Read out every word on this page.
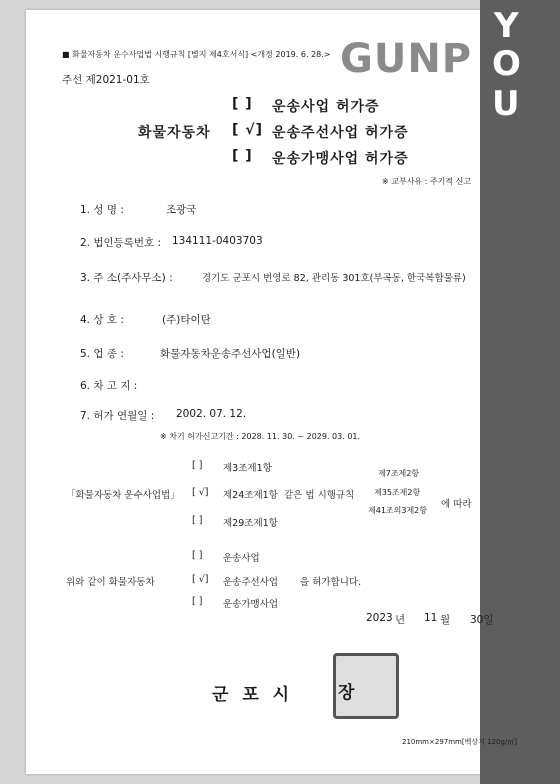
GUNP
Y
O
U
■ 화물자동차 운수사업법 시행규칙 [별지 제4호서식] <개정 2019. 6. 28.>
주선 제2021-01호
화물자동차
[ ] 운송사업 허가증
[ √] 운송주선사업 허가증
[ ] 운송가맹사업 허가증
※ 교부사유 : 주기적 신고
1. 성 명 :	조광국
2. 법인등록번호 : 134111-0403703
3. 주 소(주사무소) :	경기도 군포시 번영로 82, 관리동 301호(부곡동, 한국복합물류)
4. 상 호 :	(주)타이탄
5. 업 종 :	화물자동차운송주선사업(일반)
6. 차 고 지 :
7. 허가 연월일 : 2002. 07. 12.
※ 차기 허가신고기간 : 2028. 11. 30. ~ 2029. 03. 01.
「화물자동차 운수사업법」
[ ] 제3조제1항
[ √] 제24조제1항
[ ] 제29조제1항
같은 법 시행규칙
제7조제2항
제35조제2항
제41조의3제2항
에 따라
위와 같이 화물자동차
[ ] 운송사업
[ √] 운송주선사업
[ ] 운송가맹사업
을 허가합니다.
2023 년 11 월 30일
군 포 시

 	장
210mm×297mm[백상지 120g/㎡]
